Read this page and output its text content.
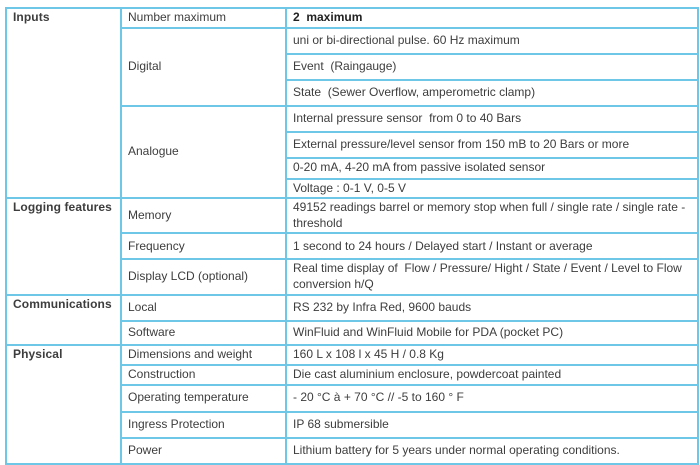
Inputs	Number maximum	2  maximum
	Digital	uni or bi-directional pulse. 60 Hz maximum
		Event  (Raingauge)
		State  (Sewer Overflow, amperometric clamp)
	Analogue	Internal pressure sensor  from 0 to 40 Bars
		External pressure/level sensor from 150 mB to 20 Bars or more
		0-20 mA, 4-20 mA from passive isolated sensor
		Voltage : 0-1 V, 0-5 V
Logging features	Memory	49152 readings barrel or memory stop when full / single rate / single rate -threshold
	Frequency	1 second to 24 hours / Delayed start / Instant or average
	Display LCD (optional)	Real time display of  Flow / Pressure/ Hight / State / Event / Level to Flow conversion h/Q
Communications	Local	RS 232 by Infra Red, 9600 bauds
	Software	WinFluid and WinFluid Mobile for PDA (pocket PC)
Physical	Dimensions and weight	160 L x 108 l x 45 H / 0.8 Kg
	Construction	Die cast aluminium enclosure, powdercoat painted
	Operating temperature	- 20 °C à + 70 °C // -5 to 160 ° F
	Ingress Protection	IP 68 submersible
	Power	Lithium battery for 5 years under normal operating conditions.
